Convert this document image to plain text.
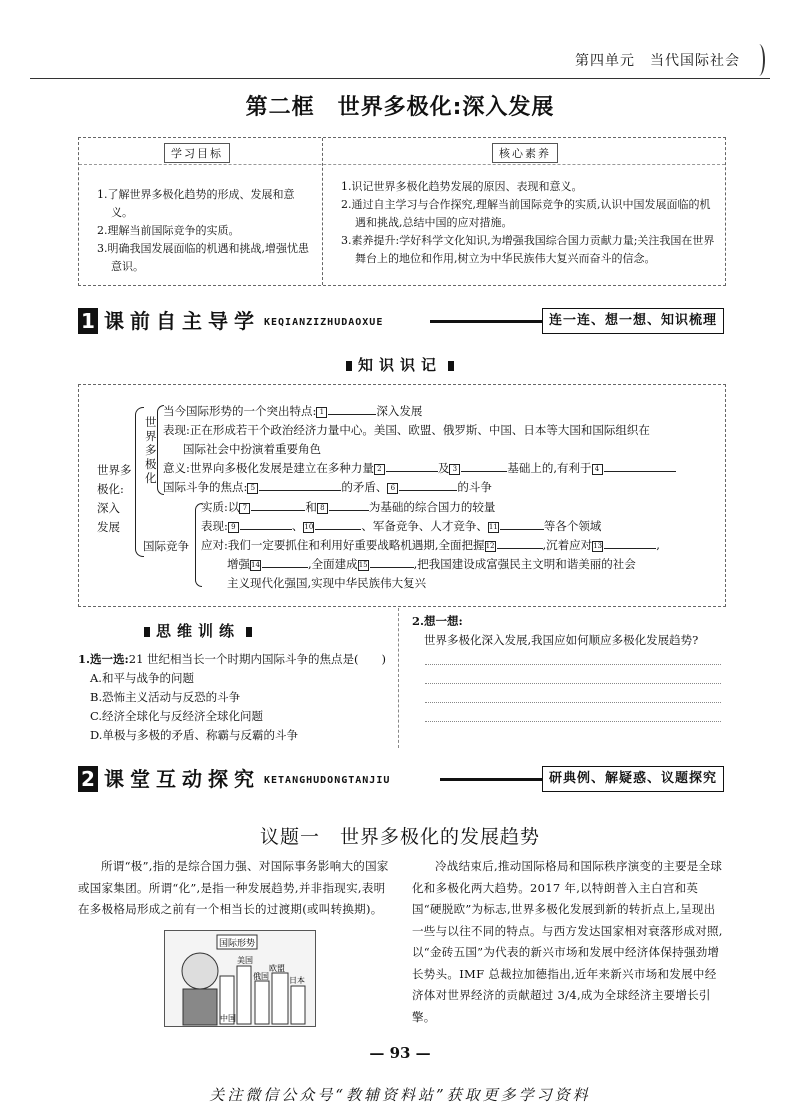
第四单元　当代国际社会
第二框　世界多极化:深入发展
学习目标	核心素养
1.了解世界多极化趋势的形成、发展和意义。
2.理解当前国际竞争的实质。
3.明确我国发展面临的机遇和挑战,增强忧患意识。
1.识记世界多极化趋势发展的原因、表现和意义。
2.通过自主学习与合作探究,理解当前国际竞争的实质,认识中国发展面临的机遇和挑战,总结中国的应对措施。
3.素养提升:学好科学文化知识,为增强我国综合国力贡献力量;关注我国在世界舞台上的地位和作用,树立为中华民族伟大复兴而奋斗的信念。
1 课前自主导学 KEQIANZIZHUDAOXUE	连一连、想一想、知识梳理
知识识记
世界多
极化:
深入
发展
世
界
多
极
化
当今国际形势的一个突出特点: 1	深入发展
表现:正在形成若干个政治经济力量中心。美国、欧盟、俄罗斯、中国、日本等大国和国际组织在
国际社会中扮演着重要角色
意义:世界向多极化发展是建立在多种力量 2	及 3	基础上的,有利于 4
国际斗争的焦点: 5	的矛盾、 6	的斗争
国际竞争
实质:以 7	和 8	为基础的综合国力的较量
表现: 9	、10	、军备竞争、人才竞争、11	等各个领域
应对:我们一定要抓住和利用好重要战略机遇期,全面把握12	,沉着应对13	,
增强14	,全面建成15	,把我国建设成富强民主文明和谐美丽的社会
主义现代化强国,实现中华民族伟大复兴
思维训练
1.选一选:21 世纪相当长一个时期内国际斗争的焦点是(　　)
A.和平与战争的问题
B.恐怖主义活动与反恐的斗争
C.经济全球化与反经济全球化问题
D.单极与多极的矛盾、称霸与反霸的斗争
2.想一想:
世界多极化深入发展,我国应如何顺应多极化发展趋势?
2 课堂互动探究 KETANGHUDONGTANJIU	研典例、解疑惑、议题探究
议题一　世界多极化的发展趋势
所谓“极”,指的是综合国力强、对国际事务影响大的国家或国家集团。所谓“化”,是指一种发展趋势,并非指现实,表明在多极格局形成之前有一个相当长的过渡期(或叫转换期)。
国际形势
美国
欧盟
俄国
中国
日本
冷战结束后,推动国际格局和国际秩序演变的主要是全球化和多极化两大趋势。2017 年,以特朗普入主白宫和英国“硬脱欧”为标志,世界多极化发展到新的转折点上,呈现出一些与以往不同的特点。与西方发达国家相对衰落形成对照,以“金砖五国”为代表的新兴市场和发展中经济体保持强劲增长势头。IMF 总裁拉加德指出,近年来新兴市场和发展中经济体对世界经济的贡献超过 3/4,成为全球经济主要增长引擎。
— 93 —
关注微信公众号“教辅资料站”获取更多学习资料
